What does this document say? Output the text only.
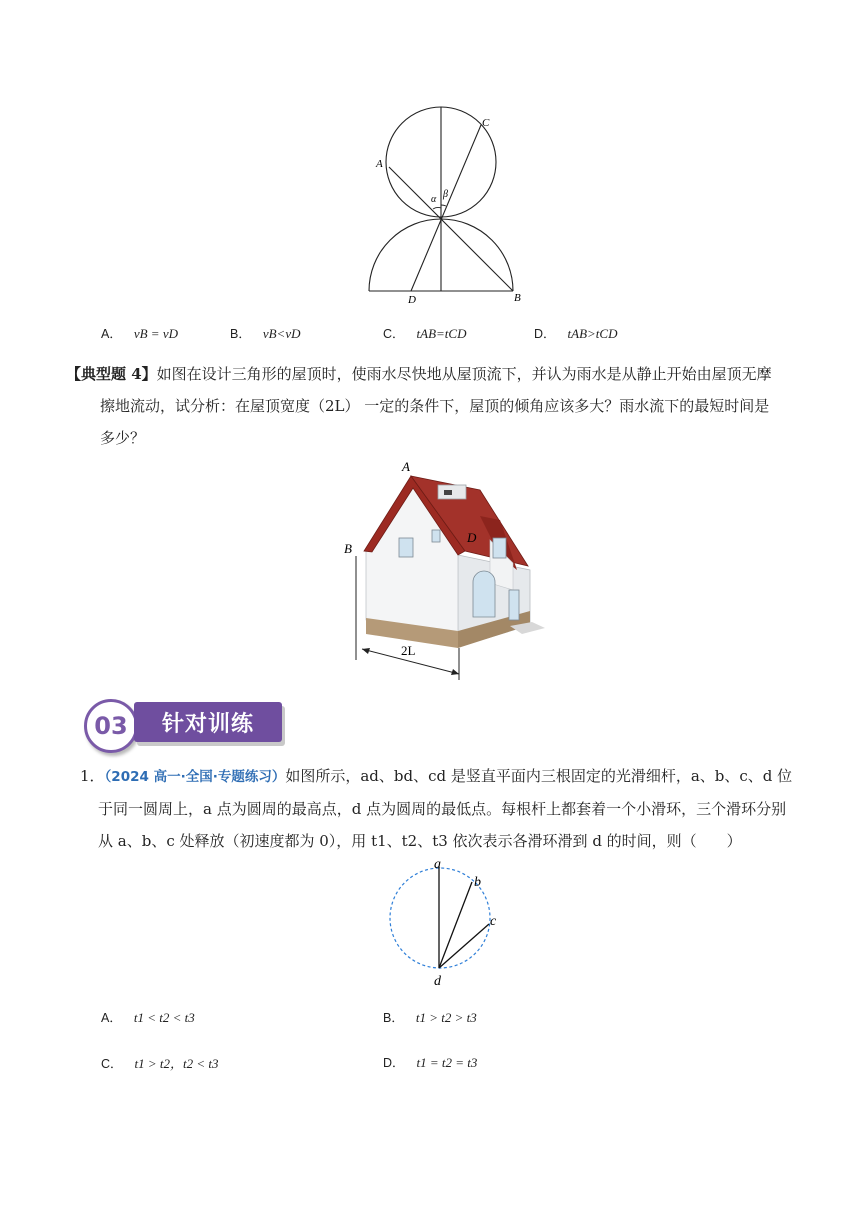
A
C
D	B
α β
A． vB = vD	B． vB<vD	C． tAB=tCD	D． tAB>tCD
【典型题 4】如图在设计三角形的屋顶时，使雨水尽快地从屋顶流下，并认为雨水是从静止开始由屋顶无摩
擦地流动，试分析：在屋顶宽度（2L） 一定的条件下，屋顶的倾角应该多大？雨水流下的最短时间是
多少？
A
B
D
2L
03 针对训练
1．（2024 高一·全国·专题练习）如图所示，ad、bd、cd 是竖直平面内三根固定的光滑细杆，a、b、c、d 位
于同一圆周上，a 点为圆周的最高点，d 点为圆周的最低点。每根杆上都套着一个小滑环，三个滑环分别
从 a、b、c 处释放（初速度都为 0），用 t1、t2、t3 依次表示各滑环滑到 d 的时间，则（　　）
a
b
c
d
A． t1 < t2 < t3	B． t1 > t2 > t3
C． t1 > t2，t2 < t3	D． t1 = t2 = t3
